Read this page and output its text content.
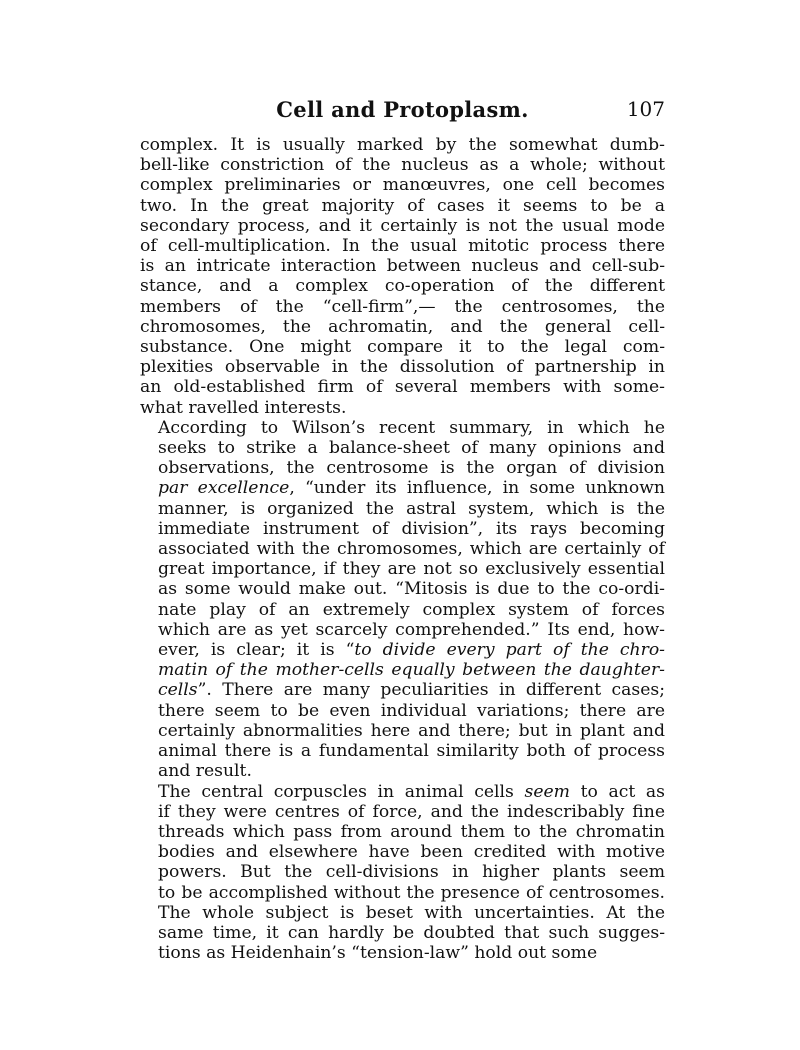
Cell and Protoplasm.	107

complex. It is usually marked by the somewhat dumb-
bell-like constriction of the nucleus as a whole; without
complex preliminaries or manœuvres, one cell becomes
two. In the great majority of cases it seems to be a
secondary process, and it certainly is not the usual mode
of cell-multiplication. In the usual mitotic process there
is an intricate interaction between nucleus and cell-sub-
stance, and a complex co-operation of the different
members of the “cell-firm”,— the centrosomes, the
chromosomes, the achromatin, and the general cell-
substance. One might compare it to the legal com-
plexities observable in the dissolution of partnership in
an old-established firm of several members with some-
what ravelled interests.

According to Wilson’s recent summary, in which he
seeks to strike a balance-sheet of many opinions and
observations, the centrosome is the organ of division
par excellence, “under its influence, in some unknown
manner, is organized the astral system, which is the
immediate instrument of division”, its rays becoming
associated with the chromosomes, which are certainly of
great importance, if they are not so exclusively essential
as some would make out. “Mitosis is due to the co-ordi-
nate play of an extremely complex system of forces
which are as yet scarcely comprehended.” Its end, how-
ever, is clear; it is “to divide every part of the chro-
matin of the mother-cells equally between the daughter-
cells”. There are many peculiarities in different cases;
there seem to be even individual variations; there are
certainly abnormalities here and there; but in plant and
animal there is a fundamental similarity both of process
and result.

The central corpuscles in animal cells seem to act as
if they were centres of force, and the indescribably fine
threads which pass from around them to the chromatin
bodies and elsewhere have been credited with motive
powers. But the cell-divisions in higher plants seem
to be accomplished without the presence of centrosomes.
The whole subject is beset with uncertainties. At the
same time, it can hardly be doubted that such sugges-
tions as Heidenhain’s “tension-law” hold out some
